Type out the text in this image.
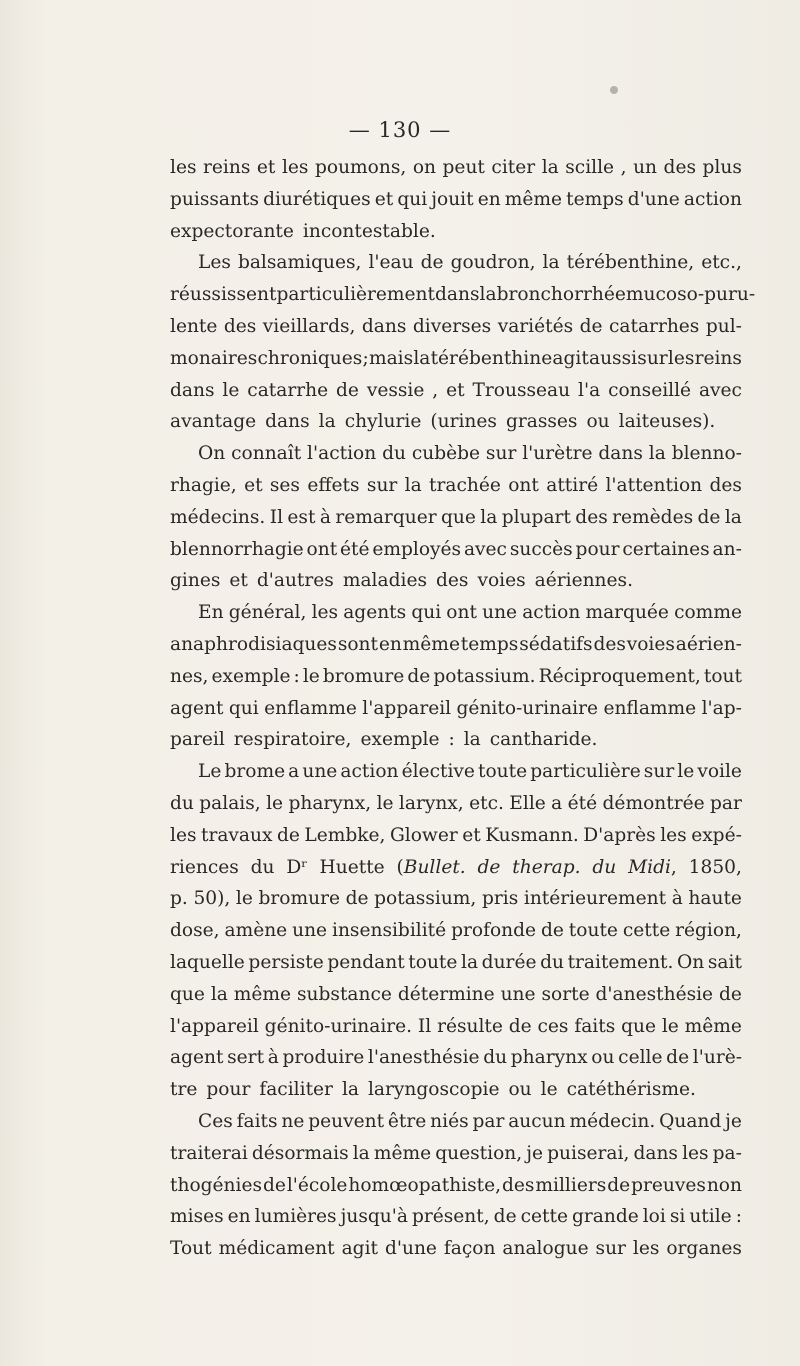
— 130 —
les reins et les poumons, on peut citer la scille , un des plus
puissants diurétiques et qui jouit en même temps d'une action
expectorante incontestable.
Les balsamiques, l'eau de goudron, la térébenthine, etc.,
réussissent particulièrement dans la bronchorrhée mucoso-puru-
lente des vieillards, dans diverses variétés de catarrhes pul-
monaires chroniques ; mais la térébenthine agit aussi sur les reins
dans le catarrhe de vessie , et Trousseau l'a conseillé avec
avantage dans la chylurie (urines grasses ou laiteuses).
On connaît l'action du cubèbe sur l'urètre dans la blenno-
rhagie, et ses effets sur la trachée ont attiré l'attention des
médecins. Il est à remarquer que la plupart des remèdes de la
blennorrhagie ont été employés avec succès pour certaines an-
gines et d'autres maladies des voies aériennes.
En général, les agents qui ont une action marquée comme
anaphrodisiaques sont en même temps sédatifs des voies aérien-
nes, exemple : le bromure de potassium. Réciproquement, tout
agent qui enflamme l'appareil génito-urinaire enflamme l'ap-
pareil respiratoire, exemple : la cantharide.
Le brome a une action élective toute particulière sur le voile
du palais, le pharynx, le larynx, etc. Elle a été démontrée par
les travaux de Lembke, Glower et Kusmann. D'après les expé-
riences du Dʳ Huette (Bullet. de therap. du Midi, 1850,
p. 50), le bromure de potassium, pris intérieurement à haute
dose, amène une insensibilité profonde de toute cette région,
laquelle persiste pendant toute la durée du traitement. On sait
que la même substance détermine une sorte d'anesthésie de
l'appareil génito-urinaire. Il résulte de ces faits que le même
agent sert à produire l'anesthésie du pharynx ou celle de l'urè-
tre pour faciliter la laryngoscopie ou le catéthérisme.
Ces faits ne peuvent être niés par aucun médecin. Quand je
traiterai désormais la même question, je puiserai, dans les pa-
thogénies de l'école homœopathiste, des milliers de preuves non
mises en lumières jusqu'à présent, de cette grande loi si utile :
Tout médicament agit d'une façon analogue sur les organes
